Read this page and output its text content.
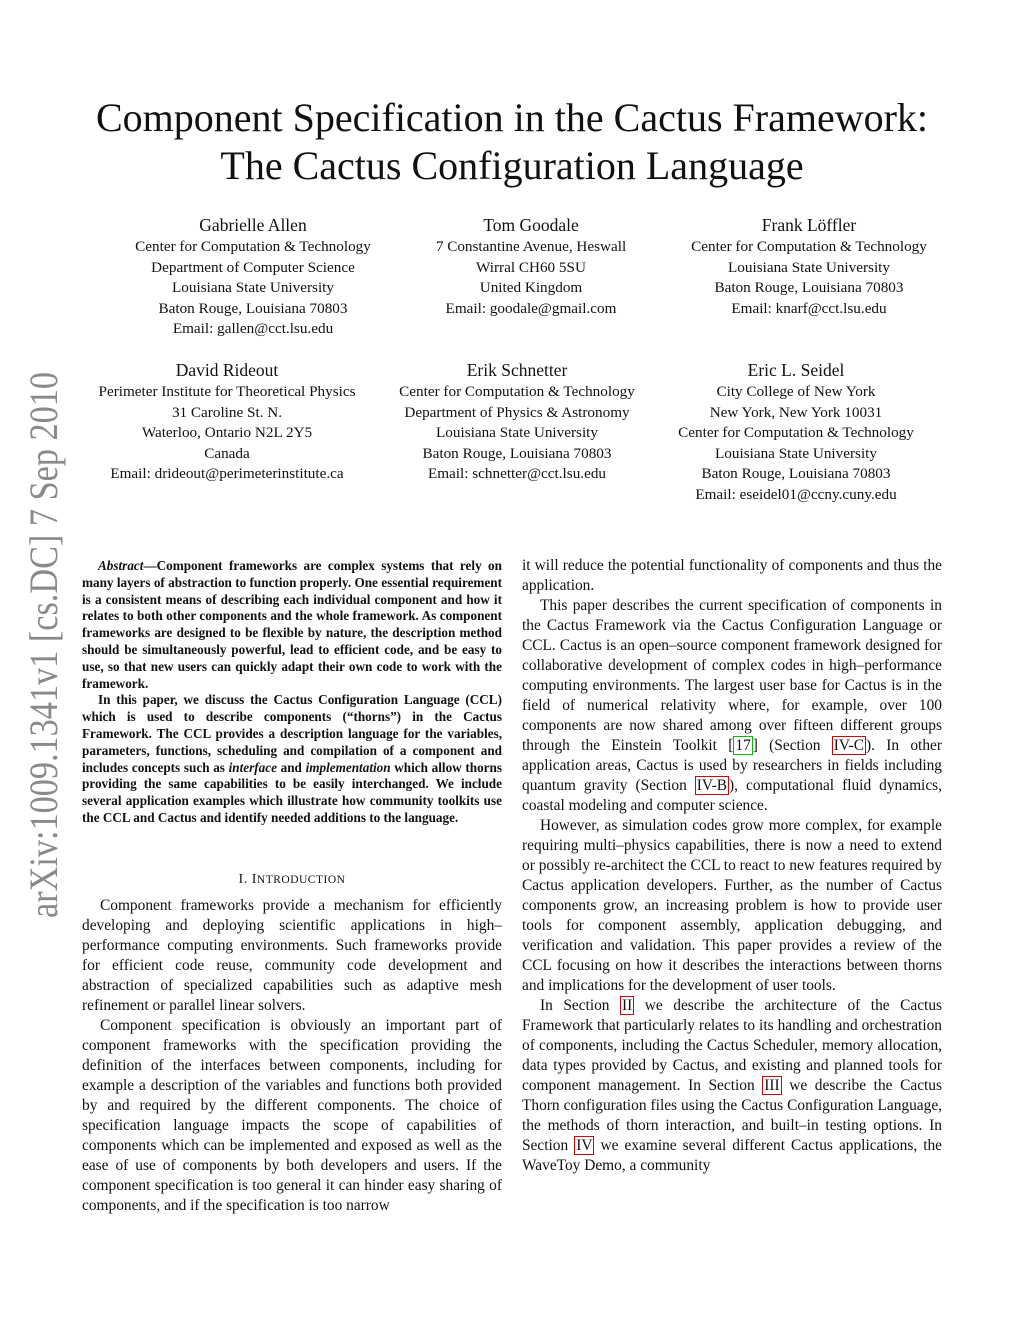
arXiv:1009.1341v1 [cs.DC] 7 Sep 2010
Component Specification in the Cactus Framework:
The Cactus Configuration Language
Gabrielle Allen
Center for Computation & Technology
Department of Computer Science
Louisiana State University
Baton Rouge, Louisiana 70803
Email: gallen@cct.lsu.edu
Tom Goodale
7 Constantine Avenue, Heswall
Wirral CH60 5SU
United Kingdom
Email: goodale@gmail.com
Frank Löffler
Center for Computation & Technology
Louisiana State University
Baton Rouge, Louisiana 70803
Email: knarf@cct.lsu.edu
David Rideout
Perimeter Institute for Theoretical Physics
31 Caroline St. N.
Waterloo, Ontario N2L 2Y5
Canada
Email: drideout@perimeterinstitute.ca
Erik Schnetter
Center for Computation & Technology
Department of Physics & Astronomy
Louisiana State University
Baton Rouge, Louisiana 70803
Email: schnetter@cct.lsu.edu
Eric L. Seidel
City College of New York
New York, New York 10031
Center for Computation & Technology
Louisiana State University
Baton Rouge, Louisiana 70803
Email: eseidel01@ccny.cuny.edu

Abstract—Component frameworks are complex systems that rely on many layers of abstraction to function properly. One essential requirement is a consistent means of describing each individual component and how it relates to both other components and the whole framework. As component frameworks are designed to be flexible by nature, the description method should be simultaneously powerful, lead to efficient code, and be easy to use, so that new users can quickly adapt their own code to work with the framework.

In this paper, we discuss the Cactus Configuration Language (CCL) which is used to describe components (“thorns”) in the Cactus Framework. The CCL provides a description language for the variables, parameters, functions, scheduling and compilation of a component and includes concepts such as interface and implementation which allow thorns providing the same capabilities to be easily interchanged. We include several application examples which illustrate how community toolkits use the CCL and Cactus and identify needed additions to the language.

I. INTRODUCTION

Component frameworks provide a mechanism for efficiently developing and deploying scientific applications in high–performance computing environments. Such frameworks provide for efficient code reuse, community code development and abstraction of specialized capabilities such as adaptive mesh refinement or parallel linear solvers.

Component specification is obviously an important part of component frameworks with the specification providing the definition of the interfaces between components, including for example a description of the variables and functions both provided by and required by the different components. The choice of specification language impacts the scope of capabilities of components which can be implemented and exposed as well as the ease of use of components by both developers and users. If the component specification is too general it can hinder easy sharing of components, and if the specification is too narrow

it will reduce the potential functionality of components and thus the application.

This paper describes the current specification of components in the Cactus Framework via the Cactus Configuration Language or CCL. Cactus is an open–source component framework designed for collaborative development of complex codes in high–performance computing environments. The largest user base for Cactus is in the field of numerical relativity where, for example, over 100 components are now shared among over fifteen different groups through the Einstein Toolkit [ 17 ] (Section IV-C ). In other application areas, Cactus is used by researchers in fields including quantum gravity (Section IV-B ), computational fluid dynamics, coastal modeling and computer science.

However, as simulation codes grow more complex, for example requiring multi–physics capabilities, there is now a need to extend or possibly re-architect the CCL to react to new features required by Cactus application developers. Further, as the number of Cactus components grow, an increasing problem is how to provide user tools for component assembly, application debugging, and verification and validation. This paper provides a review of the CCL focusing on how it describes the interactions between thorns and implications for the development of user tools.

In Section II we describe the architecture of the Cactus Framework that particularly relates to its handling and orchestration of components, including the Cactus Scheduler, memory allocation, data types provided by Cactus, and existing and planned tools for component management. In Section III we describe the Cactus Thorn configuration files using the Cactus Configuration Language, the methods of thorn interaction, and built–in testing options. In Section IV we examine several different Cactus applications, the WaveToy Demo, a community
